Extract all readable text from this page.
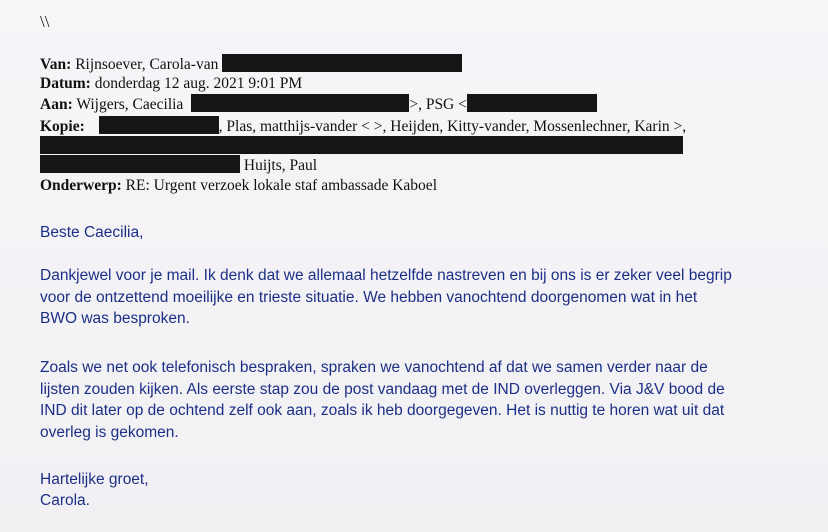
\\
Van: Rijnsoever, Carola-van
Datum: donderdag 12 aug. 2021 9:01 PM
Aan: Wijgers, Caecilia	>, PSG <
Kopie:	, Plas, matthijs-vander < >, Heijden, Kitty-vander, Mossenlechner, Karin >,
Huijts, Paul
Onderwerp: RE: Urgent verzoek lokale staf ambassade Kaboel
Beste Caecilia,
Dankjewel voor je mail. Ik denk dat we allemaal hetzelfde nastreven en bij ons is er zeker veel begrip
voor de ontzettend moeilijke en trieste situatie. We hebben vanochtend doorgenomen wat in het
BWO was besproken.
Zoals we net ook telefonisch bespraken, spraken we vanochtend af dat we samen verder naar de
lijsten zouden kijken. Als eerste stap zou de post vandaag met de IND overleggen. Via J&V bood de
IND dit later op de ochtend zelf ook aan, zoals ik heb doorgegeven. Het is nuttig te horen wat uit dat
overleg is gekomen.
Hartelijke groet,
Carola.
